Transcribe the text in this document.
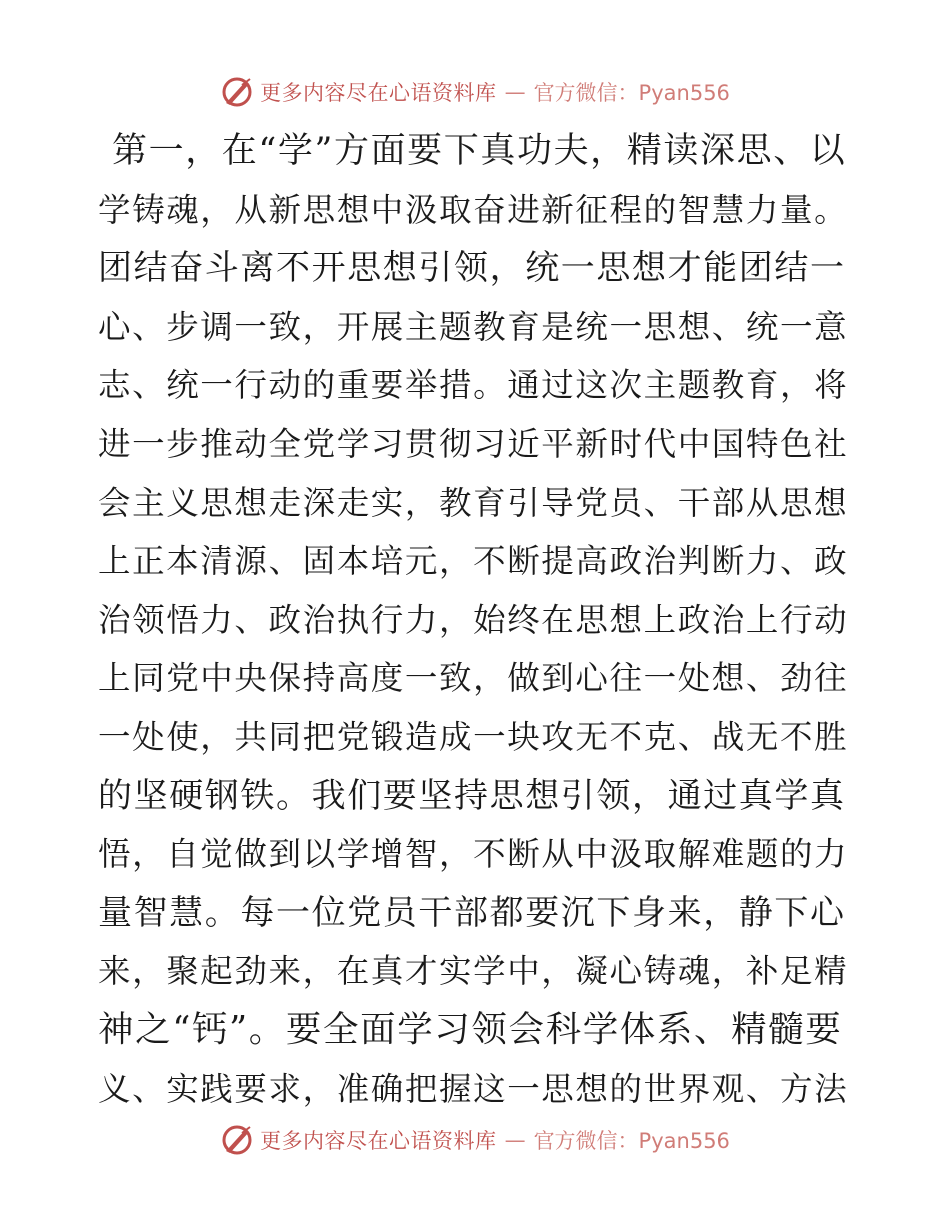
更多内容尽在心语资料库 — 官方微信：Pyan556
第一，在“学”方面要下真功夫，精读深思、以
学铸魂，从新思想中汲取奋进新征程的智慧力量。
团结奋斗离不开思想引领，统一思想才能团结一
心、步调一致，开展主题教育是统一思想、统一意
志、统一行动的重要举措。通过这次主题教育，将
进一步推动全党学习贯彻习近平新时代中国特色社
会主义思想走深走实，教育引导党员、干部从思想
上正本清源、固本培元，不断提高政治判断力、政
治领悟力、政治执行力，始终在思想上政治上行动
上同党中央保持高度一致，做到心往一处想、劲往
一处使，共同把党锻造成一块攻无不克、战无不胜
的坚硬钢铁。我们要坚持思想引领，通过真学真
悟，自觉做到以学增智，不断从中汲取解难题的力
量智慧。每一位党员干部都要沉下身来，静下心
来，聚起劲来，在真才实学中，凝心铸魂，补足精
神之“钙”。要全面学习领会科学体系、精髓要
义、实践要求，准确把握这一思想的世界观、方法
更多内容尽在心语资料库 — 官方微信：Pyan556
